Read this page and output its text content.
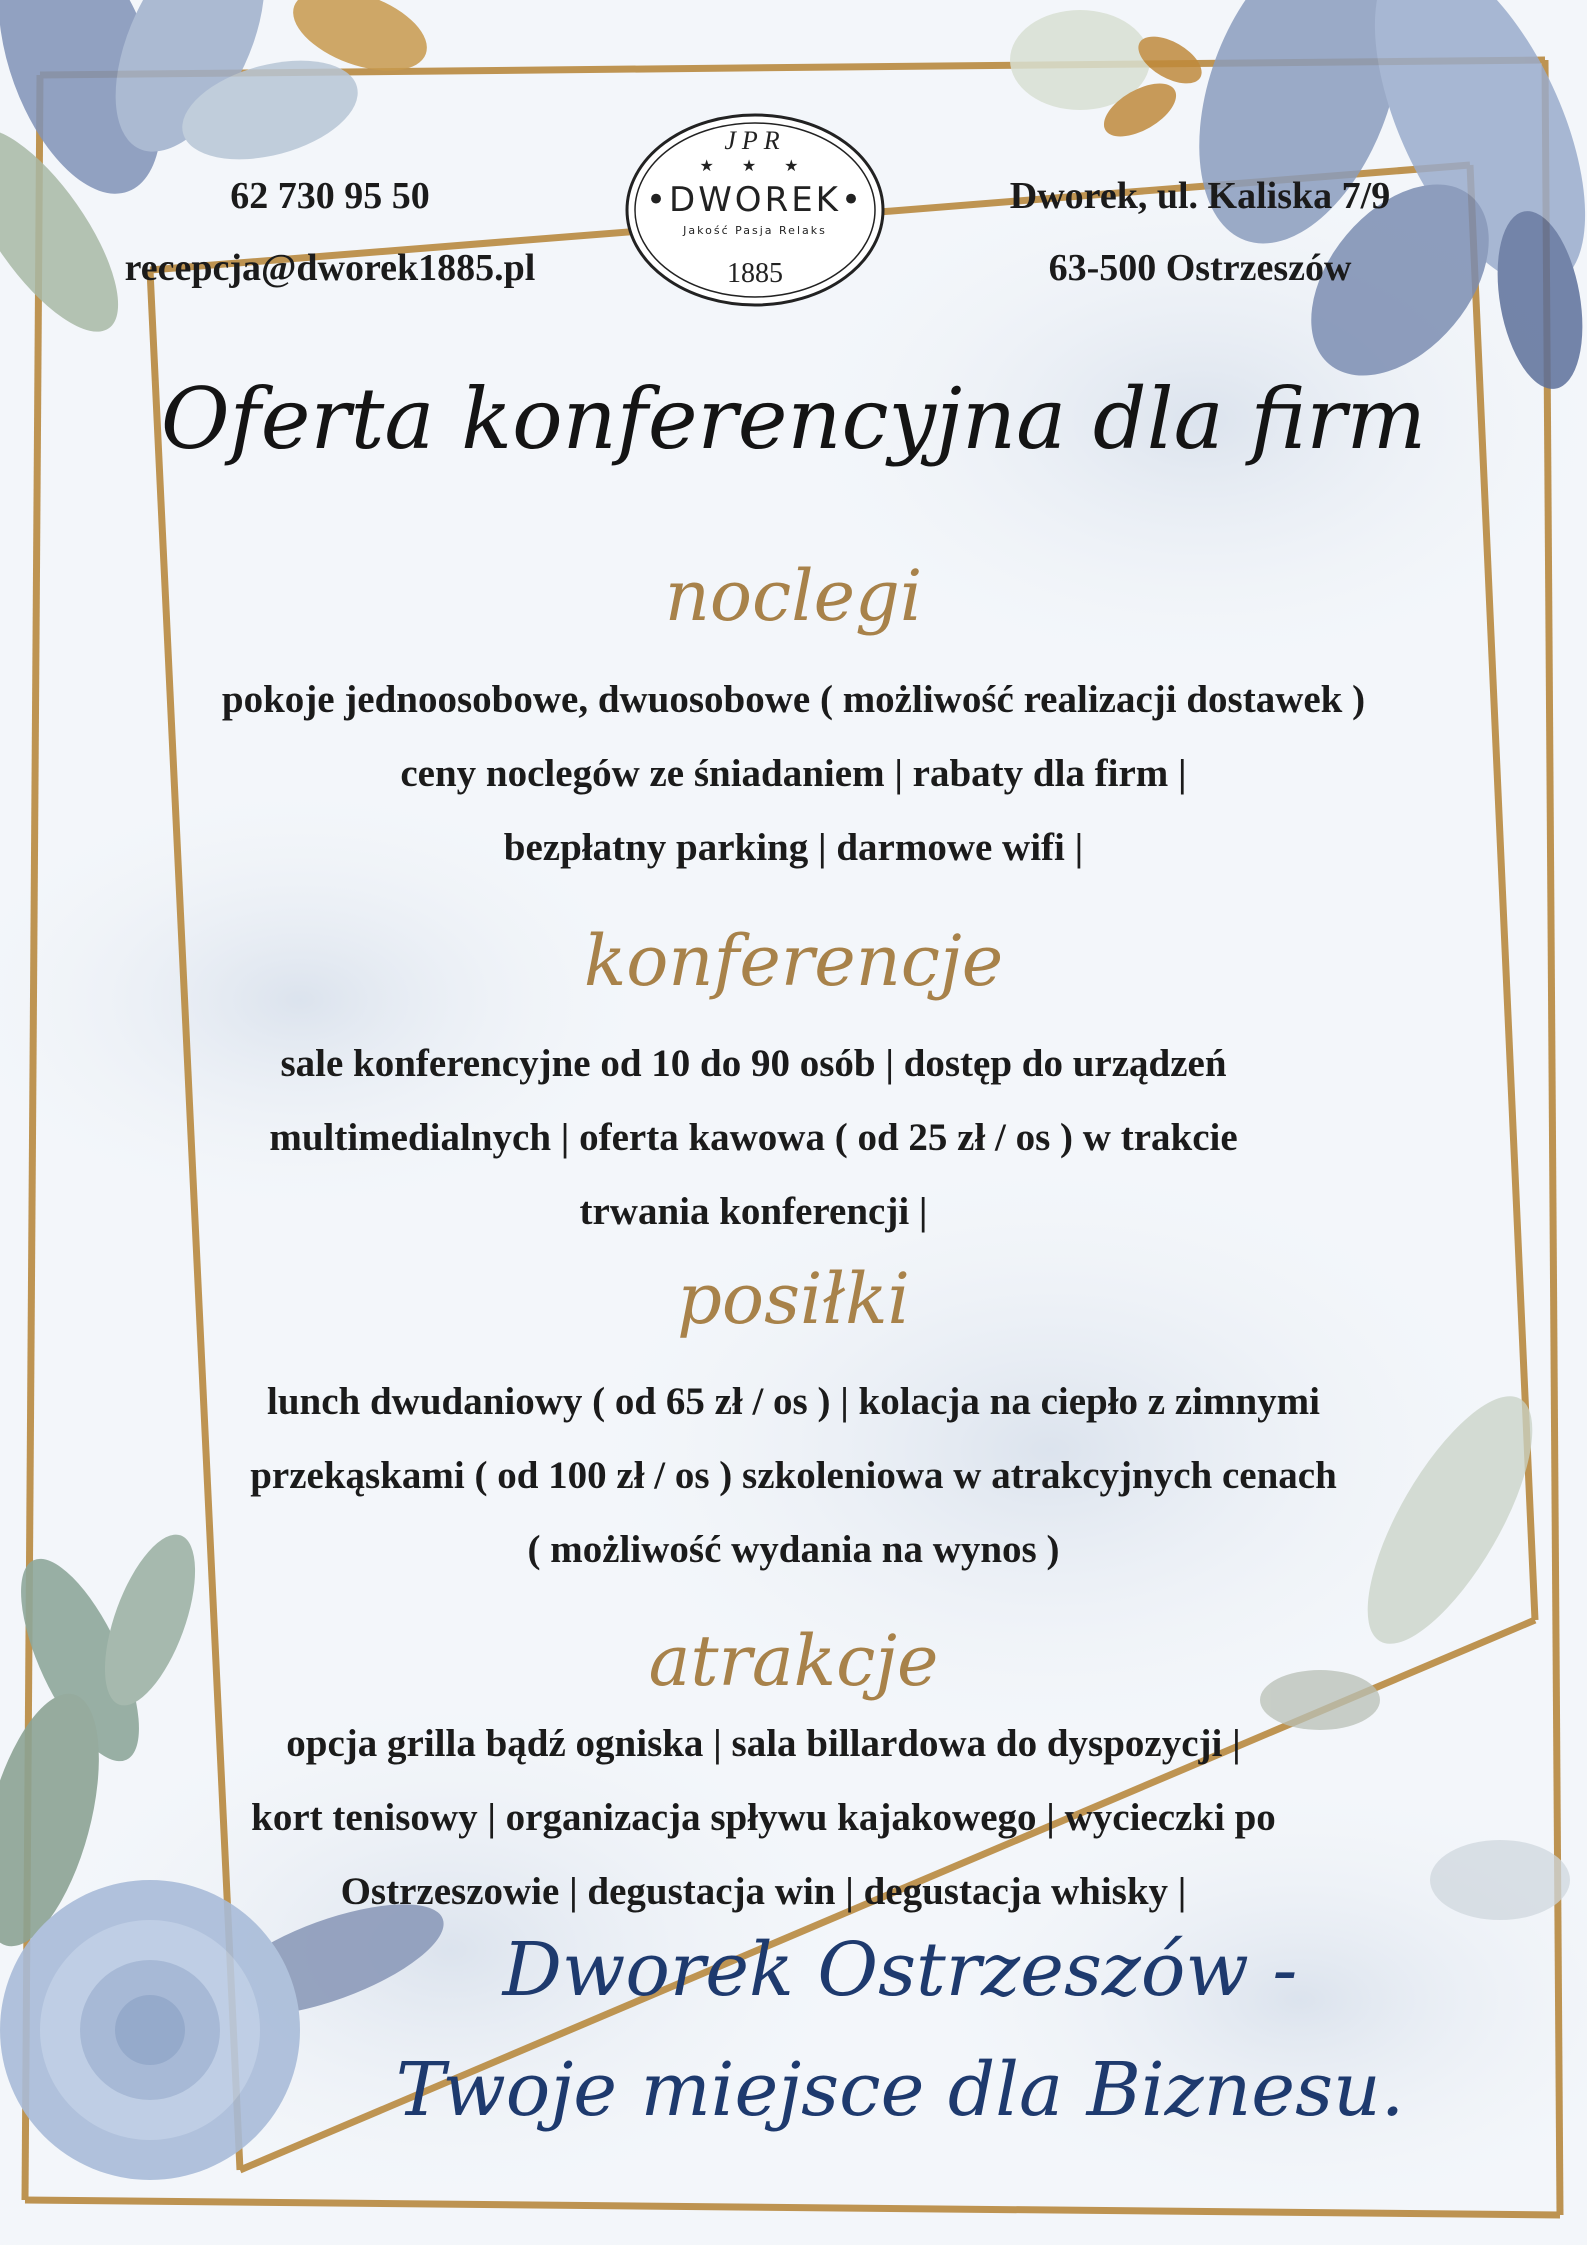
62 730 95 50
recepcja@dworek1885.pl
JPR
★ ★ ★
•DWOREK•
Jakość Pasja Relaks
1885
Dworek, ul. Kaliska 7/9
63-500 Ostrzeszów
Oferta konferencyjna dla firm
noclegi
pokoje jednoosobowe, dwuosobowe ( możliwość realizacji dostawek )
ceny noclegów ze śniadaniem | rabaty dla firm |
bezpłatny parking | darmowe wifi |
konferencje
sale konferencyjne od 10 do 90 osób | dostęp do urządzeń
multimedialnych | oferta kawowa ( od 25 zł / os ) w trakcie
trwania konferencji |
posiłki
lunch dwudaniowy ( od 65 zł / os ) | kolacja na ciepło z zimnymi
przekąskami ( od 100 zł / os ) szkoleniowa w atrakcyjnych cenach
( możliwość wydania na wynos )
atrakcje
opcja grilla bądź ogniska | sala billardowa do dyspozycji |
kort tenisowy | organizacja spływu kajakowego | wycieczki po
Ostrzeszowie | degustacja win | degustacja whisky |
Dworek Ostrzeszów -
Twoje miejsce dla Biznesu.
